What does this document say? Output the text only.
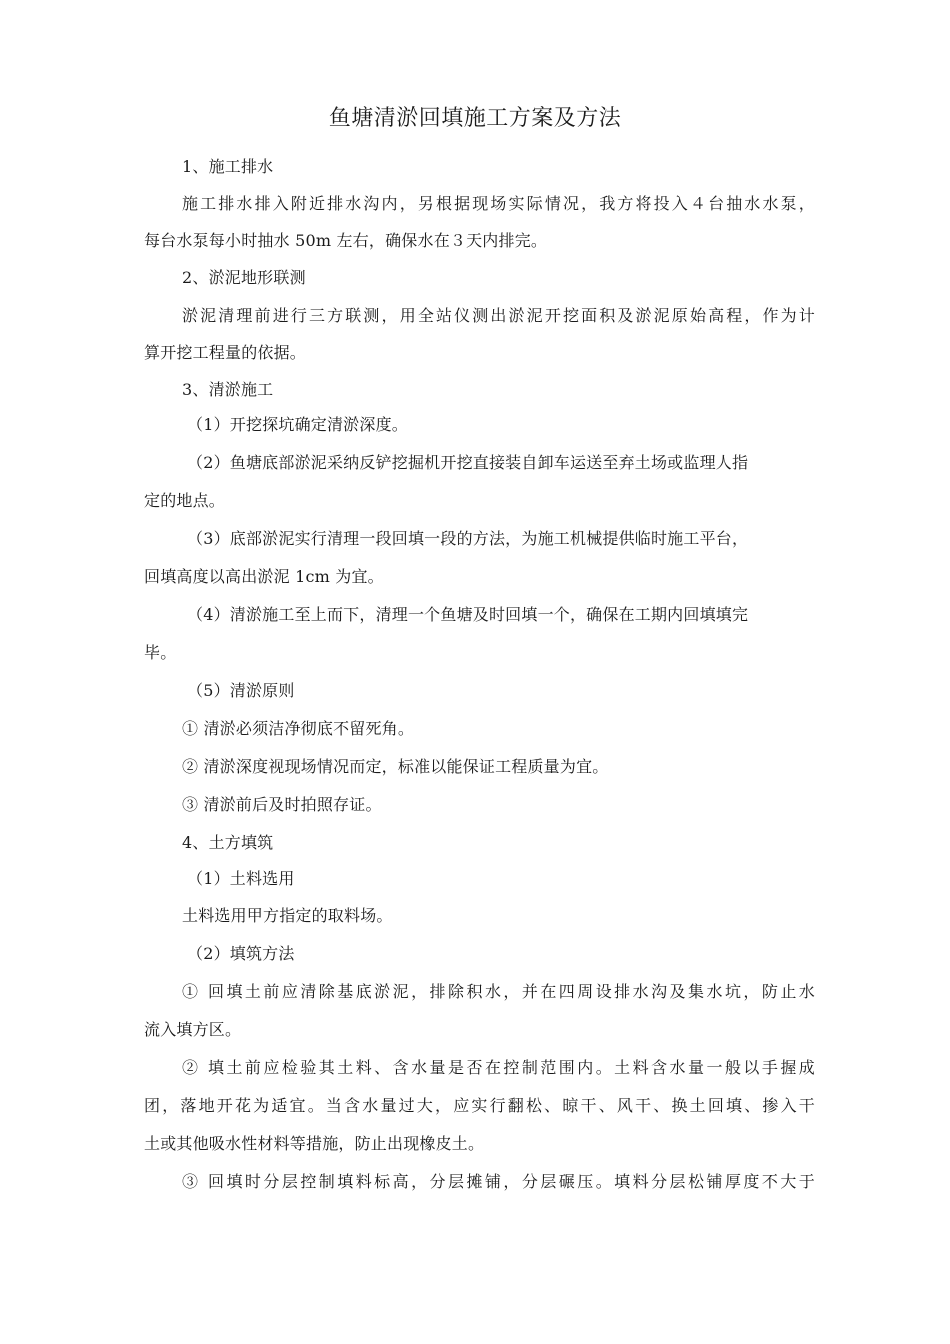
鱼塘清淤回填施工方案及方法
1、施工排水
施工排水排入附近排水沟内，另根据现场实际情况，我方将投入４台抽水水泵，
每台水泵每小时抽水 50m 左右，确保水在３天内排完。
2、淤泥地形联测
淤泥清理前进行三方联测，用全站仪测出淤泥开挖面积及淤泥原始高程，作为计
算开挖工程量的依据。
3、清淤施工
（1）开挖探坑确定清淤深度。
（2）鱼塘底部淤泥采纳反铲挖掘机开挖直接装自卸车运送至弃土场或监理人指
定的地点。
（3）底部淤泥实行清理一段回填一段的方法，为施工机械提供临时施工平台，
回填高度以高出淤泥 1cm 为宜。
（4）清淤施工至上而下，清理一个鱼塘及时回填一个，确保在工期内回填填完
毕。
（5）清淤原则
① 清淤必须洁净彻底不留死角。
② 清淤深度视现场情况而定，标准以能保证工程质量为宜。
③ 清淤前后及时拍照存证。
4、土方填筑
（1）土料选用
土料选用甲方指定的取料场。
（2）填筑方法
① 回填土前应清除基底淤泥，排除积水，并在四周设排水沟及集水坑，防止水
流入填方区。
② 填土前应检验其土料、含水量是否在控制范围内。土料含水量一般以手握成
团，落地开花为适宜。当含水量过大，应实行翻松、晾干、风干、换土回填、掺入干
土或其他吸水性材料等措施，防止出现橡皮土。
③ 回填时分层控制填料标高，分层摊铺，分层碾压。填料分层松铺厚度不大于
